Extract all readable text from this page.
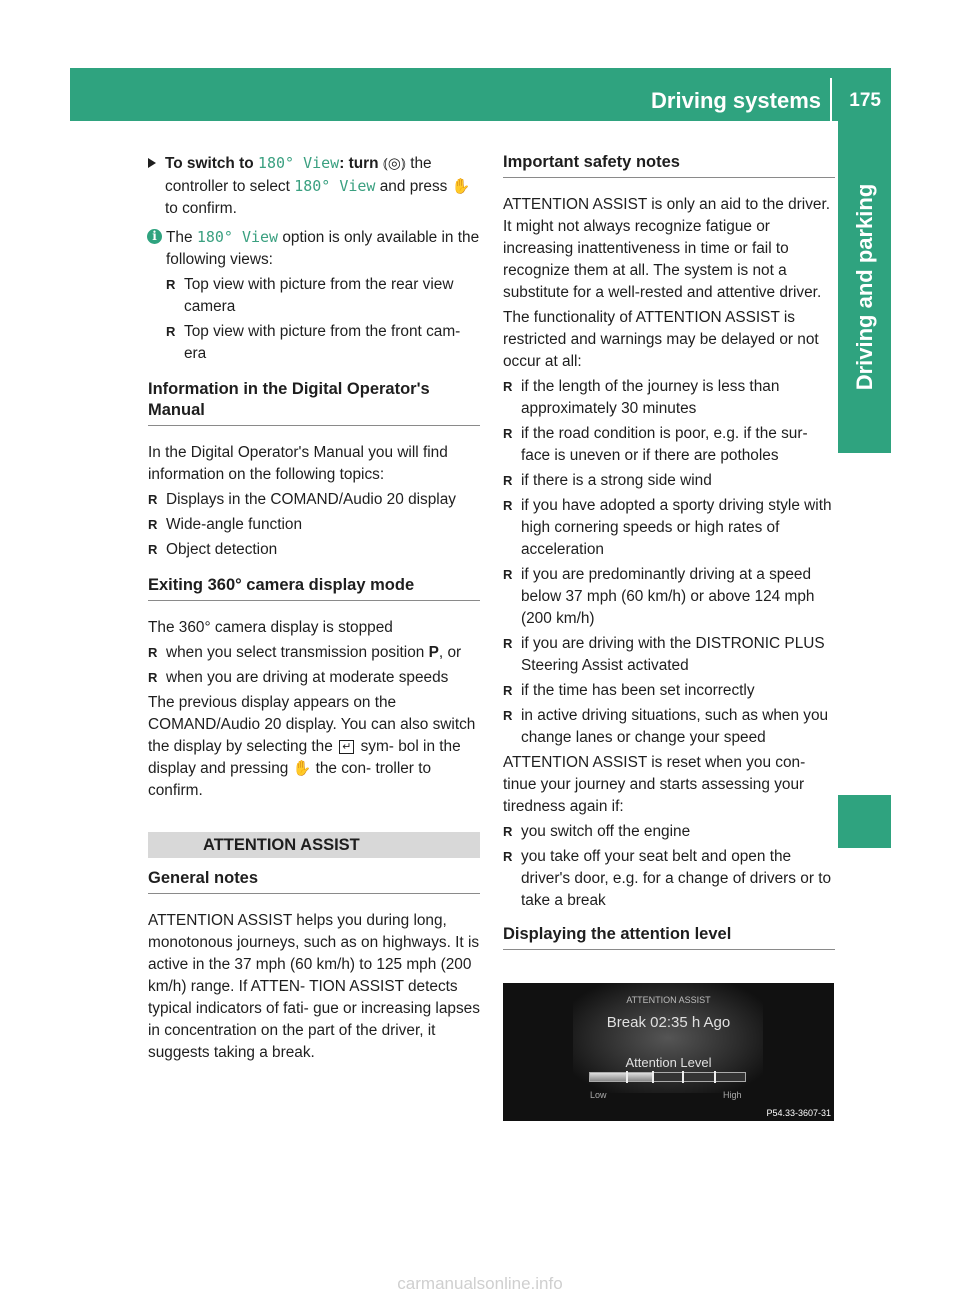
Driving systems 175
Driving and parking

To switch to 180° View: turn ⦅◎⦆ the controller to select 180° View and press ✋ to confirm.

i The 180° View option is only available in the following views:

R Top view with picture from the rear view camera

R Top view with picture from the front cam- era

Information in the Digital Operator's Manual

In the Digital Operator's Manual you will find information on the following topics:

R Displays in the COMAND/Audio 20 display

R Wide-angle function

R Object detection

Exiting 360° camera display mode

The 360° camera display is stopped

R when you select transmission position P, or

R when you are driving at moderate speeds

The previous display appears on the COMAND/Audio 20 display. You can also switch the display by selecting the ↵ sym- bol in the display and pressing ✋ the con- troller to confirm.

ATTENTION ASSIST
General notes

ATTENTION ASSIST helps you during long, monotonous journeys, such as on highways. It is active in the 37 mph (60 km/h) to 125 mph (200 km/h) range. If ATTEN- TION ASSIST detects typical indicators of fati- gue or increasing lapses in concentration on the part of the driver, it suggests taking a break.

Important safety notes

ATTENTION ASSIST is only an aid to the driver. It might not always recognize fatigue or increasing inattentiveness in time or fail to recognize them at all. The system is not a substitute for a well-rested and attentive driver.

The functionality of ATTENTION ASSIST is restricted and warnings may be delayed or not occur at all:

R if the length of the journey is less than approximately 30 minutes

R if the road condition is poor, e.g. if the sur- face is uneven or if there are potholes

R if there is a strong side wind

R if you have adopted a sporty driving style with high cornering speeds or high rates of acceleration

R if you are predominantly driving at a speed below 37 mph (60 km/h) or above 124 mph (200 km/h)

R if you are driving with the DISTRONIC PLUS Steering Assist activated

R if the time has been set incorrectly

R in active driving situations, such as when you change lanes or change your speed

ATTENTION ASSIST is reset when you con- tinue your journey and starts assessing your tiredness again if:

R you switch off the engine

R you take off your seat belt and open the driver's door, e.g. for a change of drivers or to take a break

Displaying the attention level
ATTENTION ASSIST
Break 02:35 h Ago
Attention Level
Low	High
P54.33-3607-31
carmanualsonline.info
